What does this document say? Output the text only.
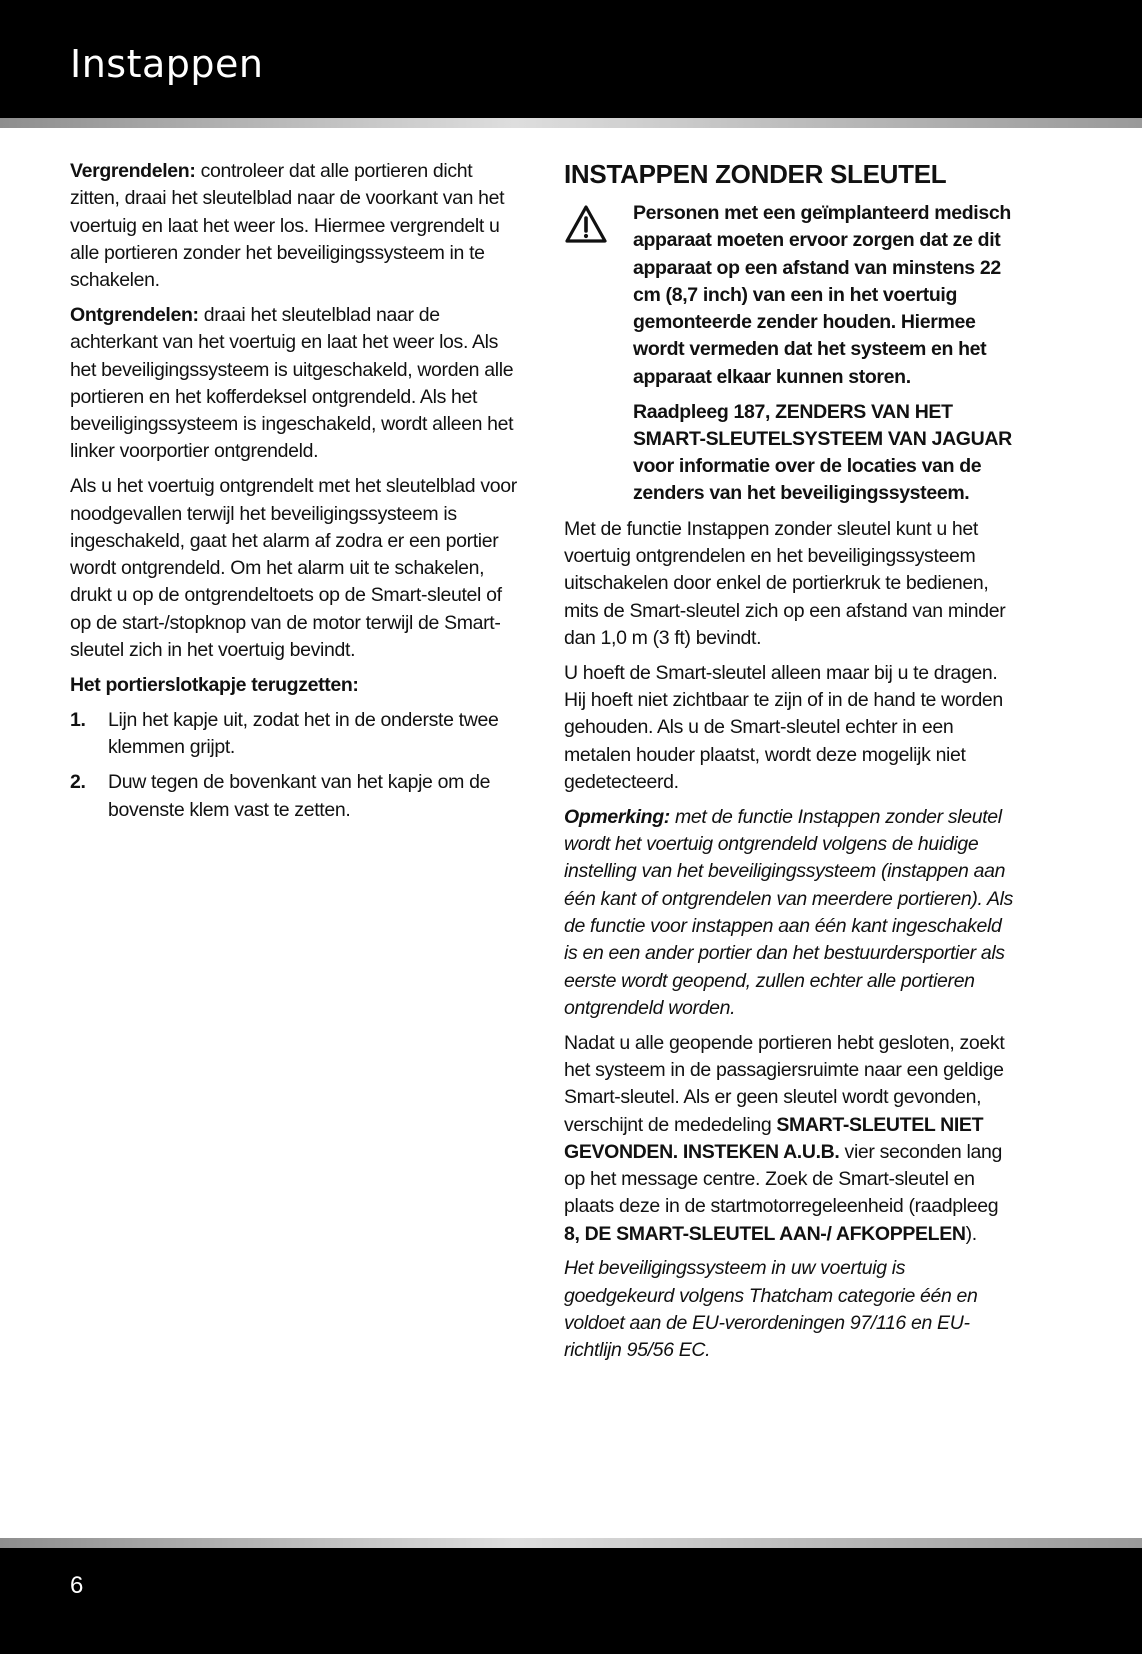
Instappen

Vergrendelen: controleer dat alle portieren dicht zitten, draai het sleutelblad naar de voorkant van het voertuig en laat het weer los. Hiermee vergrendelt u alle portieren zonder het beveiligingssysteem in te schakelen.

Ontgrendelen: draai het sleutelblad naar de achterkant van het voertuig en laat het weer los. Als het beveiligingssysteem is uitgeschakeld, worden alle portieren en het kofferdeksel ontgrendeld. Als het beveiligingssysteem is ingeschakeld, wordt alleen het linker voorportier ontgrendeld.

Als u het voertuig ontgrendelt met het sleutelblad voor noodgevallen terwijl het beveiligingssysteem is ingeschakeld, gaat het alarm af zodra er een portier wordt ontgrendeld. Om het alarm uit te schakelen, drukt u op de ontgrendeltoets op de Smart-sleutel of op de start-/stopknop van de motor terwijl de Smart-sleutel zich in het voertuig bevindt.

Het portierslotkapje terugzetten:
1. Lijn het kapje uit, zodat het in de onderste twee klemmen grijpt.
2. Duw tegen de bovenkant van het kapje om de bovenste klem vast te zetten.
INSTAPPEN ZONDER SLEUTEL

Personen met een geïmplanteerd medisch apparaat moeten ervoor zorgen dat ze dit apparaat op een afstand van minstens 22 cm (8,7 inch) van een in het voertuig gemonteerde zender houden. Hiermee wordt vermeden dat het systeem en het apparaat elkaar kunnen storen.

Raadpleeg 187, ZENDERS VAN HET SMART-SLEUTELSYSTEEM VAN JAGUAR voor informatie over de locaties van de zenders van het beveiligingssysteem.

Met de functie Instappen zonder sleutel kunt u het voertuig ontgrendelen en het beveiligingssysteem uitschakelen door enkel de portierkruk te bedienen, mits de Smart-sleutel zich op een afstand van minder dan 1,0 m (3 ft) bevindt.

U hoeft de Smart-sleutel alleen maar bij u te dragen. Hij hoeft niet zichtbaar te zijn of in de hand te worden gehouden. Als u de Smart-sleutel echter in een metalen houder plaatst, wordt deze mogelijk niet gedetecteerd.

Opmerking: met de functie Instappen zonder sleutel wordt het voertuig ontgrendeld volgens de huidige instelling van het beveiligingssysteem (instappen aan één kant of ontgrendelen van meerdere portieren). Als de functie voor instappen aan één kant ingeschakeld is en een ander portier dan het bestuurdersportier als eerste wordt geopend, zullen echter alle portieren ontgrendeld worden.

Nadat u alle geopende portieren hebt gesloten, zoekt het systeem in de passagiersruimte naar een geldige Smart-sleutel. Als er geen sleutel wordt gevonden, verschijnt de mededeling SMART-SLEUTEL NIET GEVONDEN. INSTEKEN A.U.B. vier seconden lang op het message centre. Zoek de Smart-sleutel en plaats deze in de startmotorregeleenheid (raadpleeg 8, DE SMART-SLEUTEL AAN-/ AFKOPPELEN).

Het beveiligingssysteem in uw voertuig is goedgekeurd volgens Thatcham categorie één en voldoet aan de EU-verordeningen 97/116 en EU-richtlijn 95/56 EC.

6
